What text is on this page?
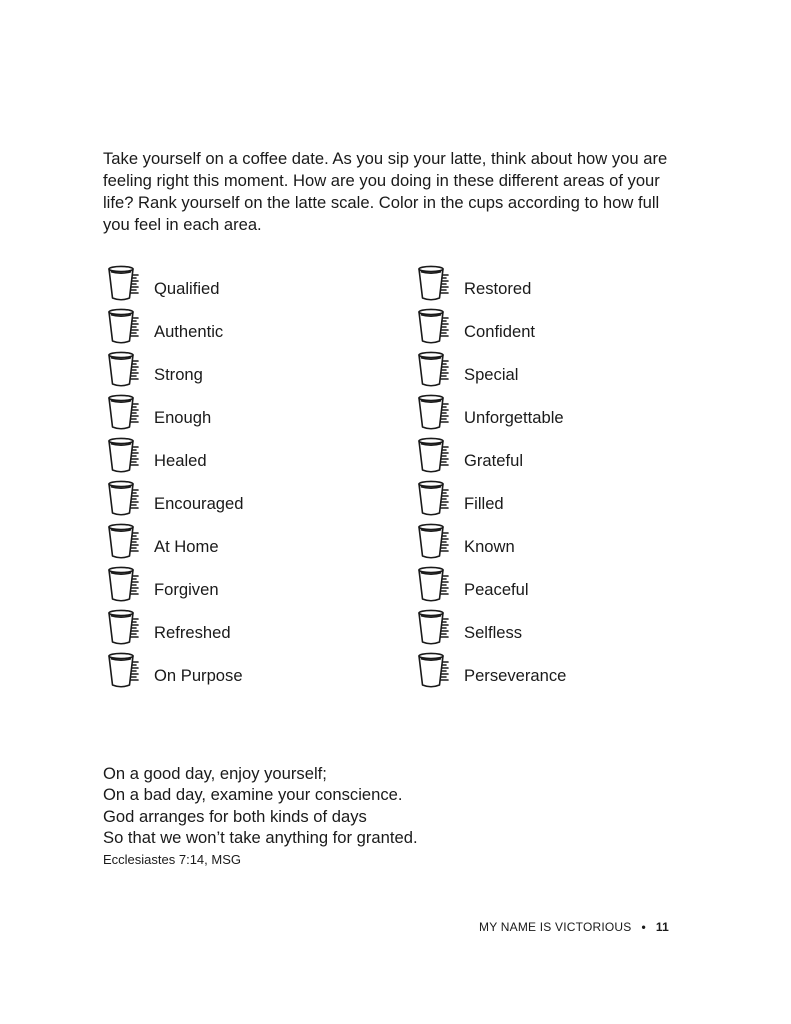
Take yourself on a coffee date. As you sip your latte, think about how you are feeling right this moment. How are you doing in these different areas of your life? Rank yourself on the latte scale. Color in the cups according to how full you feel in each area.

Qualified
Authentic
Strong
Enough
Healed
Encouraged
At Home
Forgiven
Refreshed
On Purpose
Restored
Confident
Special
Unforgettable
Grateful
Filled
Known
Peaceful
Selfless
Perseverance
On a good day, enjoy yourself;
On a bad day, examine your conscience.
God arranges for both kinds of days
So that we won’t take anything for granted.
Ecclesiastes 7:14, MSG
MY NAME IS VICTORIOUS • 11
